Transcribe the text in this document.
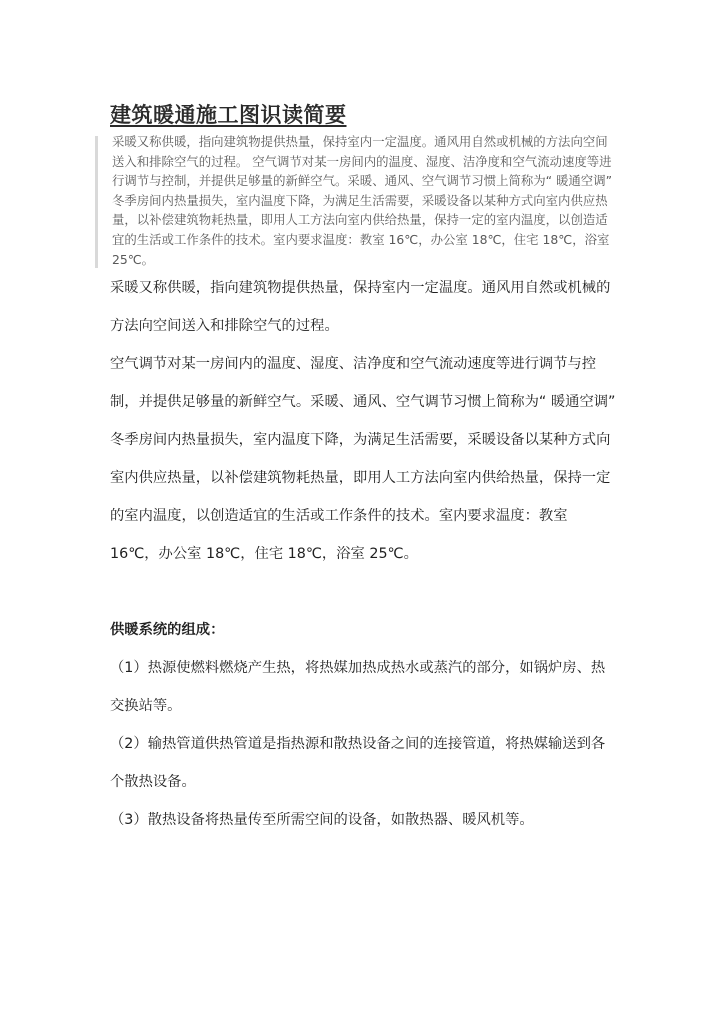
建筑暖通施工图识读简要
采暖又称供暖，指向建筑物提供热量，保持室内一定温度。通风用自然或机械的方法向空间送入和排除空气的过程。 空气调节对某一房间内的温度、湿度、洁净度和空气流动速度等进行调节与控制，并提供足够量的新鲜空气。采暖、通风、空气调节习惯上简称为“ 暖通空调” 冬季房间内热量损失，室内温度下降，为满足生活需要，采暖设备以某种方式向室内供应热量，以补偿建筑物耗热量，即用人工方法向室内供给热量，保持一定的室内温度，以创造适宜的生活或工作条件的技术。室内要求温度：教室 16℃，办公室 18℃，住宅 18℃，浴室 25℃。

采暖又称供暖，指向建筑物提供热量，保持室内一定温度。通风用自然或机械的方法向空间送入和排除空气的过程。

空气调节对某一房间内的温度、湿度、洁净度和空气流动速度等进行调节与控制，并提供足够量的新鲜空气。采暖、通风、空气调节习惯上简称为“ 暖通空调”

冬季房间内热量损失，室内温度下降，为满足生活需要，采暖设备以某种方式向室内供应热量，以补偿建筑物耗热量，即用人工方法向室内供给热量，保持一定的室内温度，以创造适宜的生活或工作条件的技术。室内要求温度：教室 16℃，办公室 18℃，住宅 18℃，浴室 25℃。

供暖系统的组成：

（1）热源使燃料燃烧产生热，将热媒加热成热水或蒸汽的部分，如锅炉房、热交换站等。

（2）输热管道供热管道是指热源和散热设备之间的连接管道，将热媒输送到各个散热设备。

（3）散热设备将热量传至所需空间的设备，如散热器、暖风机等。
